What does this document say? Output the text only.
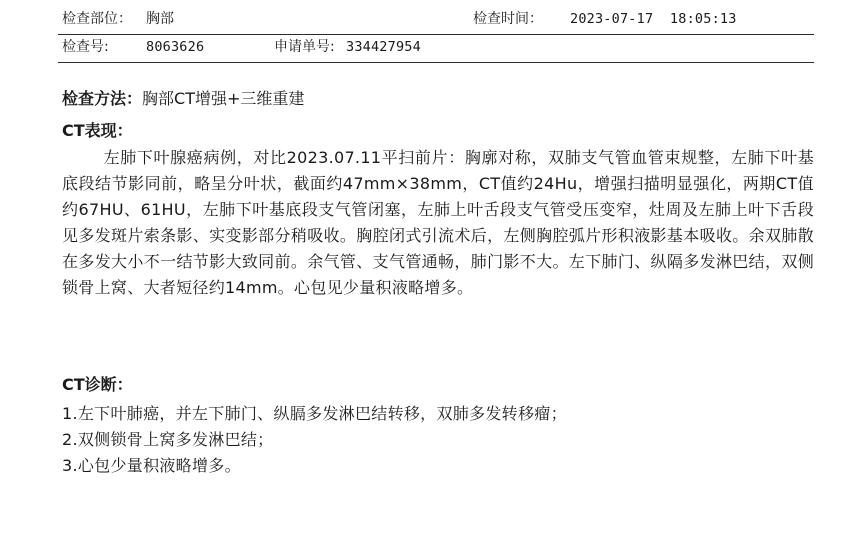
检查部位： 胸部	检查时间： 2023-07-17  18:05:13
检查号:	8063626	申请单号: 334427954
检查方法：胸部CT增强+三维重建
CT表现：

左肺下叶腺癌病例，对比2023.07.11平扫前片：胸廓对称，双肺支气管血管束规整，左肺下叶基底段结节影同前，略呈分叶状，截面约47mm×38mm，CT值约24Hu，增强扫描明显强化，两期CT值约67HU、61HU，左肺下叶基底段支气管闭塞，左肺上叶舌段支气管受压变窄，灶周及左肺上叶下舌段见多发斑片索条影、实变影部分稍吸收。胸腔闭式引流术后，左侧胸腔弧片形积液影基本吸收。余双肺散在多发大小不一结节影大致同前。余气管、支气管通畅，肺门影不大。左下肺门、纵隔多发淋巴结，双侧锁骨上窝、大者短径约14mm。心包见少量积液略增多。

CT诊断：
1.左下叶肺癌，并左下肺门、纵膈多发淋巴结转移，双肺多发转移瘤；
2.双侧锁骨上窝多发淋巴结；
3.心包少量积液略增多。
